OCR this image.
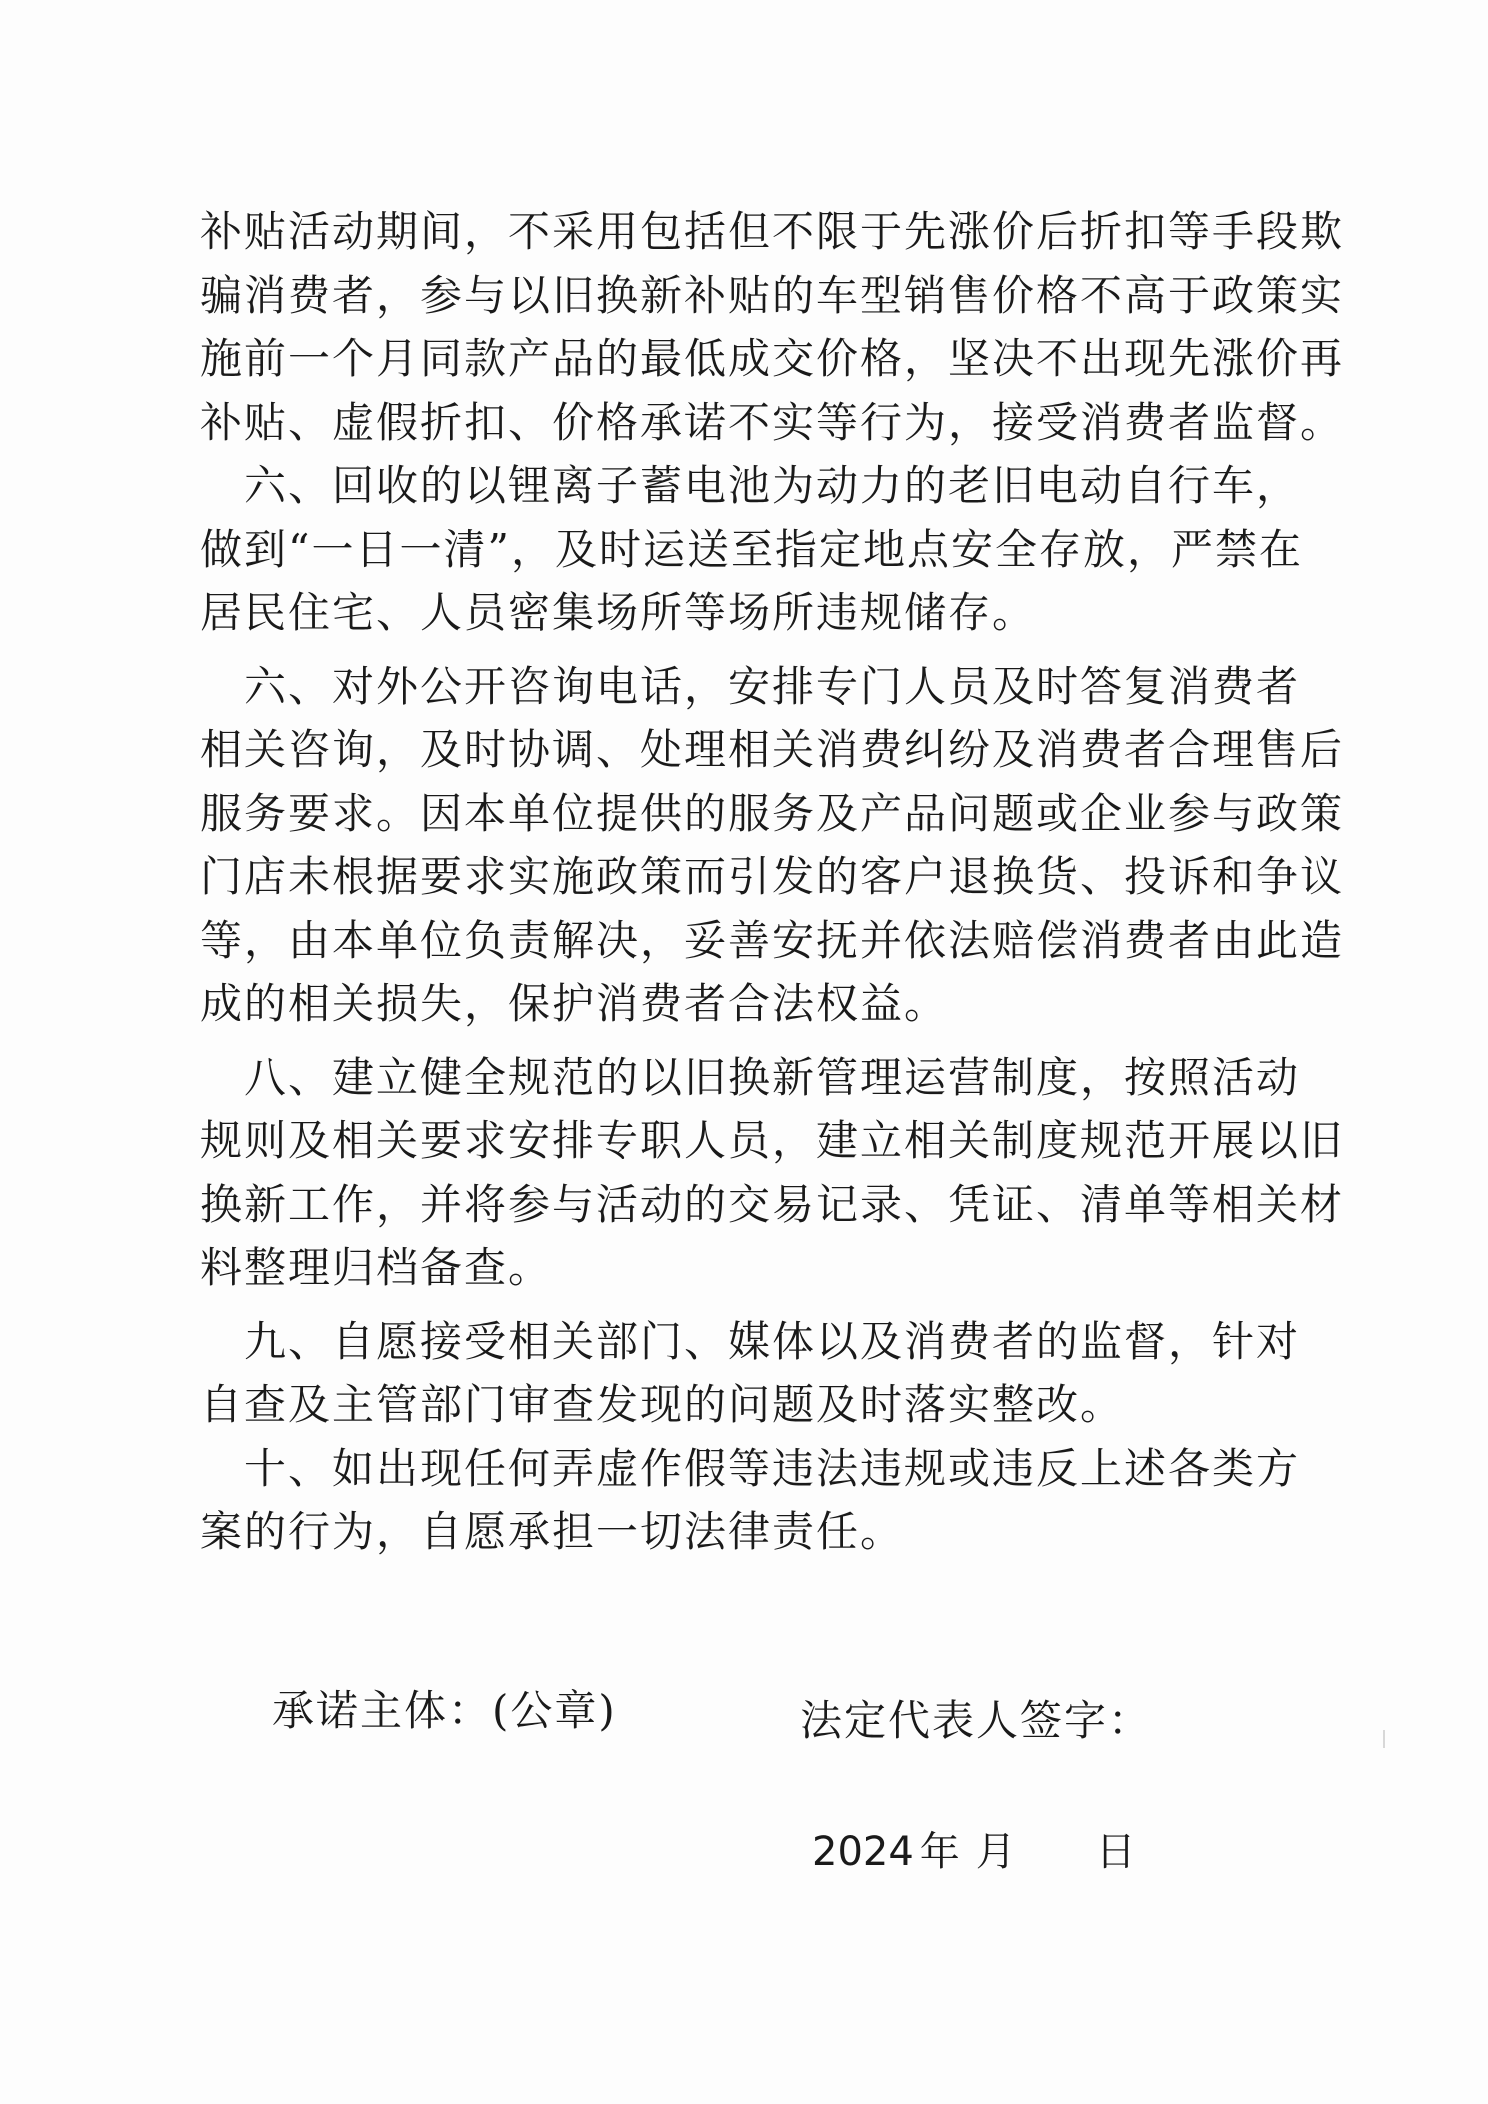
补贴活动期间，不采用包括但不限于先涨价后折扣等手段欺
骗消费者，参与以旧换新补贴的车型销售价格不高于政策实
施前一个月同款产品的最低成交价格，坚决不出现先涨价再
补贴、虚假折扣、价格承诺不实等行为，接受消费者监督。
　六、回收的以锂离子蓄电池为动力的老旧电动自行车，
做到“一日一清”，及时运送至指定地点安全存放，严禁在
居民住宅、人员密集场所等场所违规储存。
　六、对外公开咨询电话，安排专门人员及时答复消费者
相关咨询，及时协调、处理相关消费纠纷及消费者合理售后
服务要求。因本单位提供的服务及产品问题或企业参与政策
门店未根据要求实施政策而引发的客户退换货、投诉和争议
等，由本单位负责解决，妥善安抚并依法赔偿消费者由此造
成的相关损失，保护消费者合法权益。
　八、建立健全规范的以旧换新管理运营制度，按照活动
规则及相关要求安排专职人员，建立相关制度规范开展以旧
换新工作，并将参与活动的交易记录、凭证、清单等相关材
料整理归档备查。
　九、自愿接受相关部门、媒体以及消费者的监督，针对
自查及主管部门审查发现的问题及时落实整改。
　十、如出现任何弄虚作假等违法违规或违反上述各类方
案的行为，自愿承担一切法律责任。
承诺主体：(公章)	法定代表人签字：
2024 年 月 日
